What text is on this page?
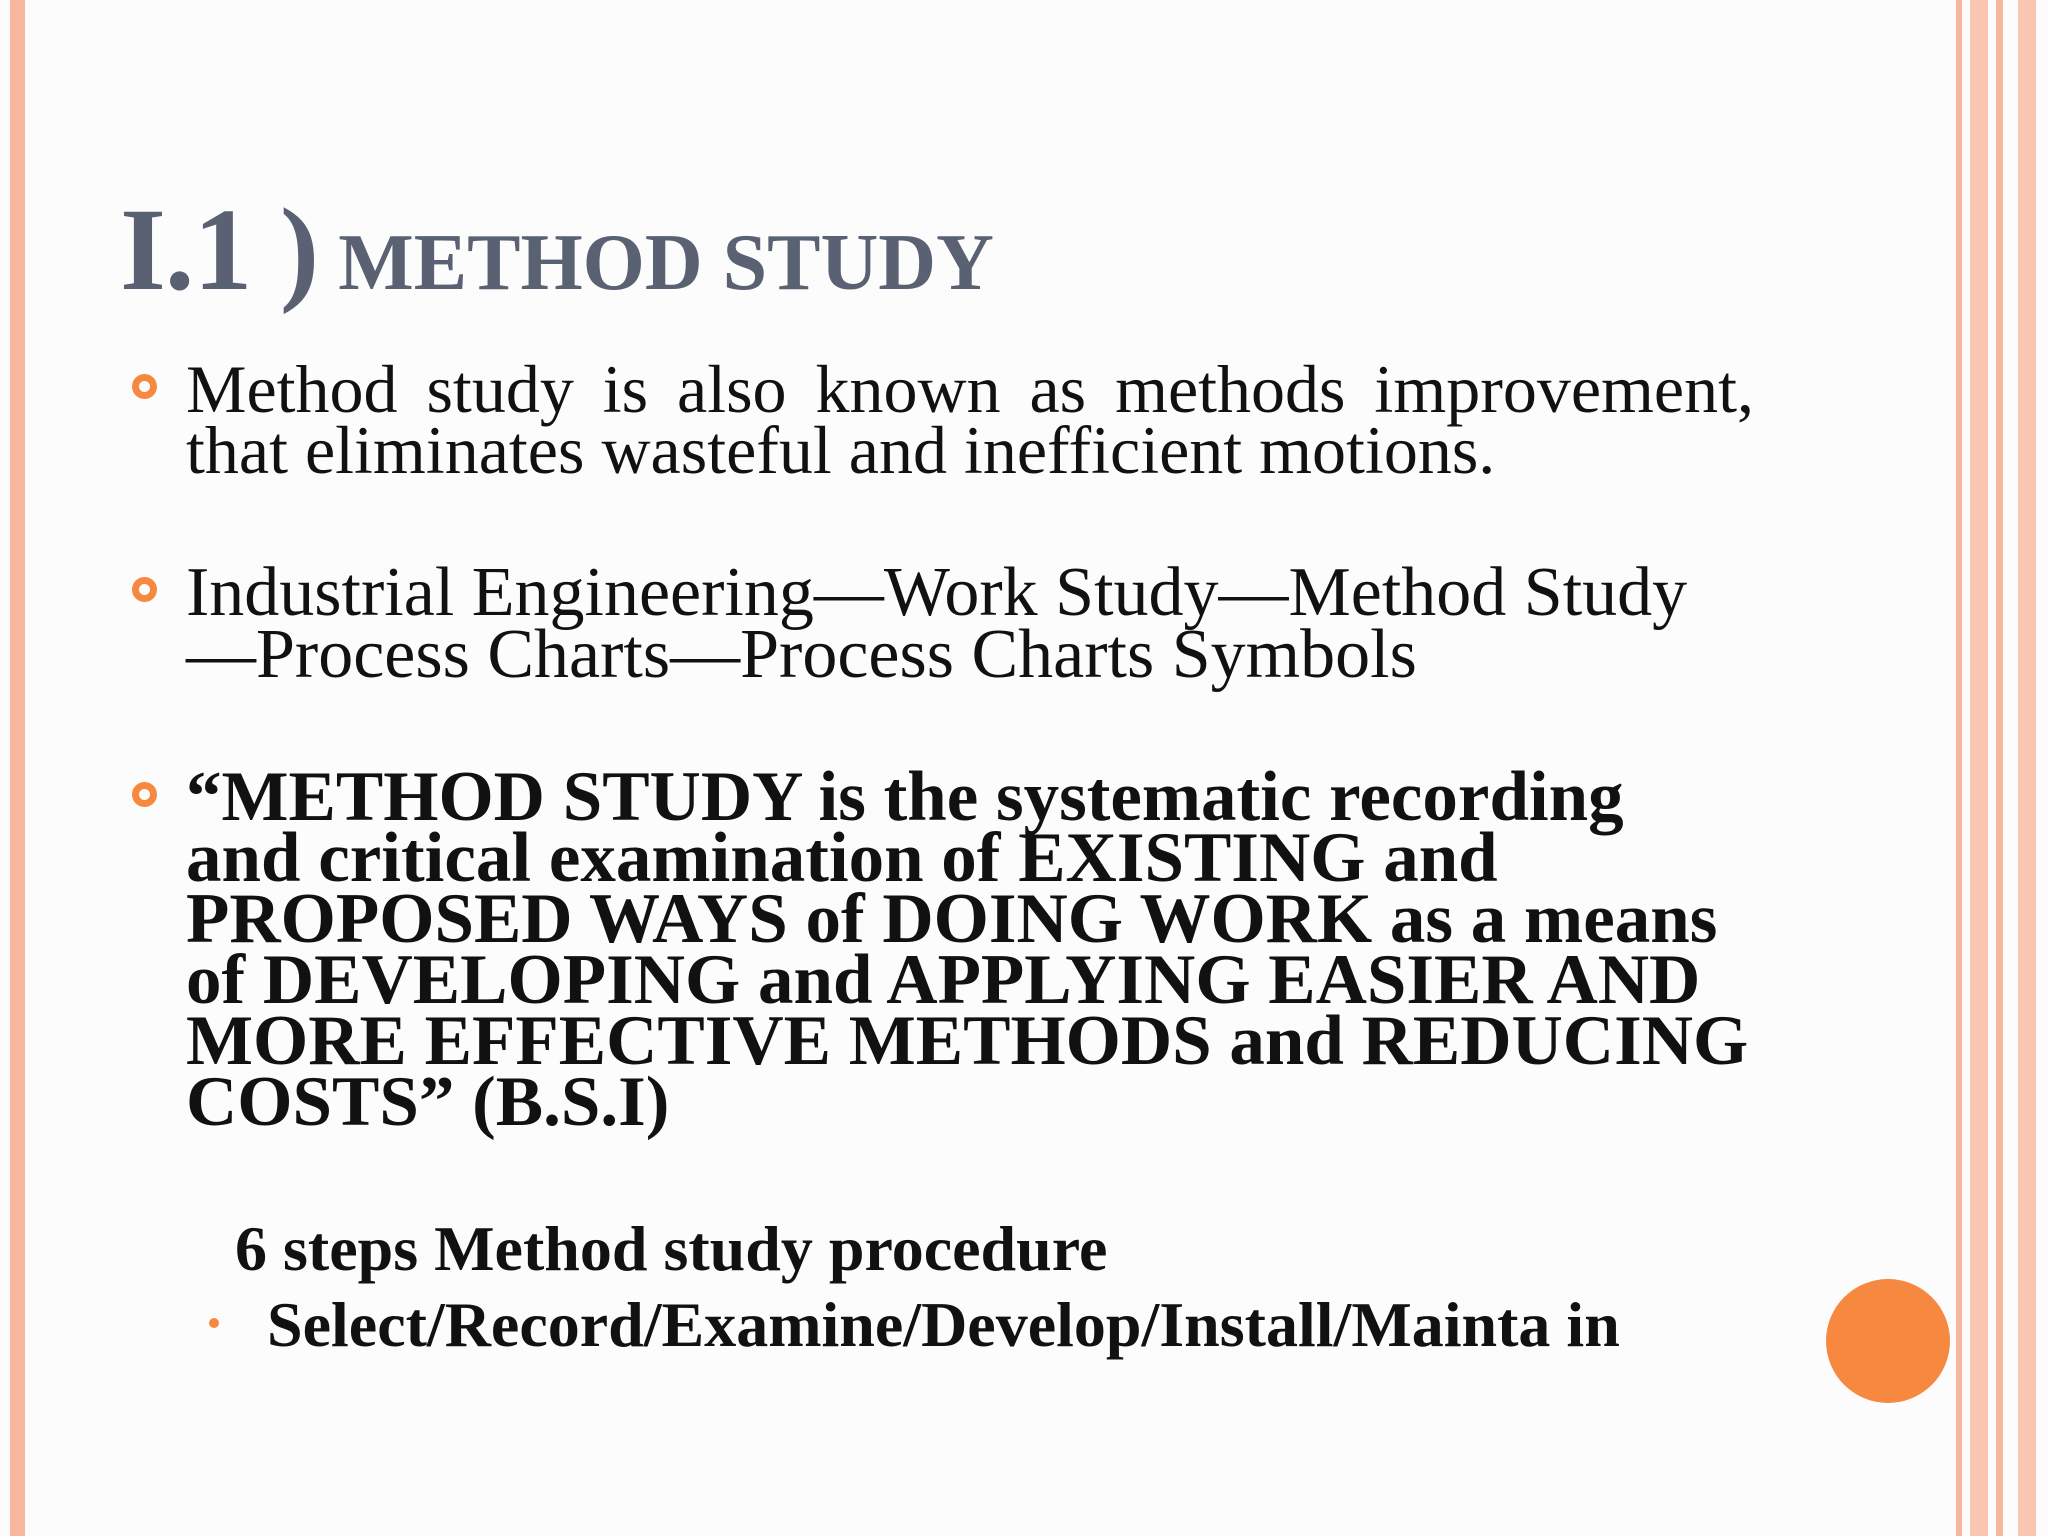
I.1 ) METHOD STUDY

Method study is also known as methods improvement, that eliminates wasteful and inefficient motions.

Industrial Engineering—Work Study—Method Study—Process Charts—Process Charts Symbols

“METHOD STUDY is the systematic recording and critical examination of EXISTING and PROPOSED WAYS of DOING WORK as a means of DEVELOPING and APPLYING EASIER AND MORE EFFECTIVE METHODS and REDUCING COSTS” (B.S.I)

6 steps Method study procedure

Select/Record/Examine/Develop/Install/Mainta in
